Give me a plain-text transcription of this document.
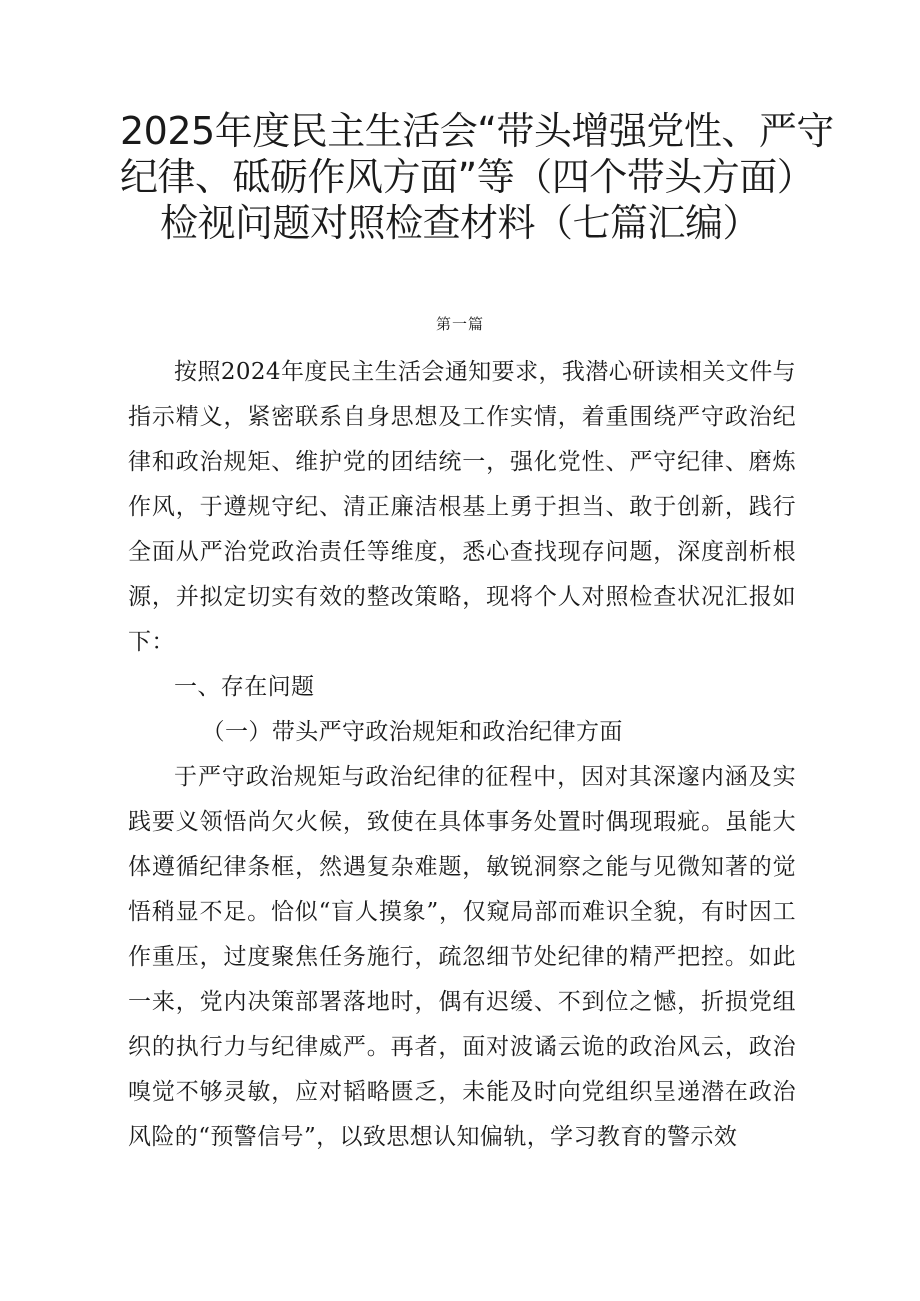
2025年度民主生活会“带头增强党性、严守
纪律、砥砺作风方面”等（四个带头方面）
检视问题对照检查材料（七篇汇编）
第一篇

按照2024年度民主生活会通知要求，我潜心研读相关文件与指示精义，紧密联系自身思想及工作实情，着重围绕严守政治纪律和政治规矩、维护党的团结统一，强化党性、严守纪律、磨炼作风，于遵规守纪、清正廉洁根基上勇于担当、敢于创新，践行全面从严治党政治责任等维度，悉心查找现存问题，深度剖析根源，并拟定切实有效的整改策略，现将个人对照检查状况汇报如下：

一、存在问题

（一）带头严守政治规矩和政治纪律方面

于严守政治规矩与政治纪律的征程中，因对其深邃内涵及实践要义领悟尚欠火候，致使在具体事务处置时偶现瑕疵。虽能大体遵循纪律条框，然遇复杂难题，敏锐洞察之能与见微知著的觉悟稍显不足。恰似“盲人摸象”，仅窥局部而难识全貌，有时因工作重压，过度聚焦任务施行，疏忽细节处纪律的精严把控。如此一来，党内决策部署落地时，偶有迟缓、不到位之憾，折损党组织的执行力与纪律威严。再者，面对波谲云诡的政治风云，政治嗅觉不够灵敏，应对韬略匮乏，未能及时向党组织呈递潜在政治风险的“预警信号”，以致思想认知偏轨，学习教育的警示效
